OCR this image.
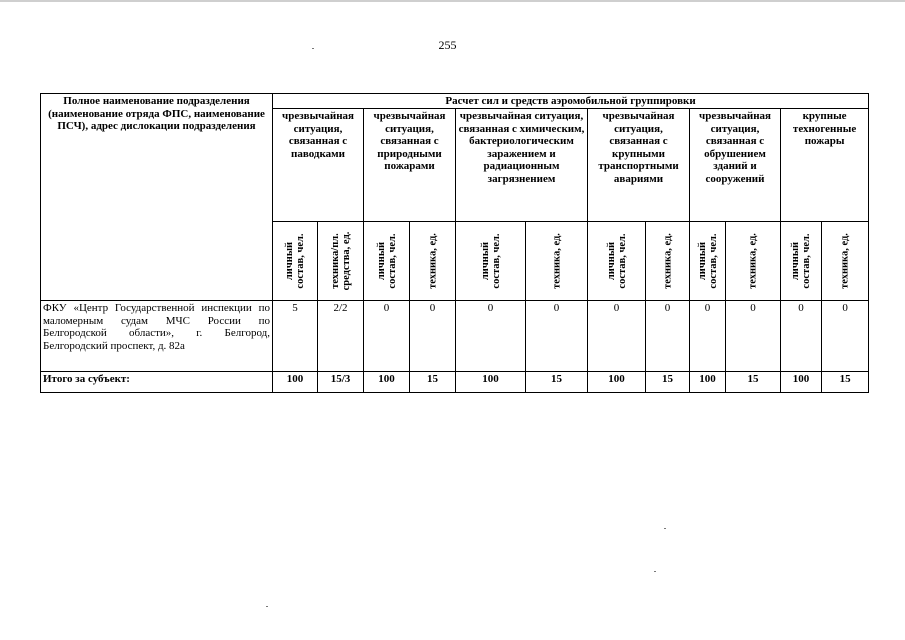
255
Полное наименование подразделения (наименование отряда ФПС, наименование ПСЧ), адрес дислокации подразделения	Расчет сил и средств аэромобильной группировки											
	чрезвычайная ситуация, связанная с паводками		чрезвычайная ситуация, связанная с природными пожарами		чрезвычайная ситуация, связанная с химическим, бактериологическим заражением и радиационным загрязнением		чрезвычайная ситуация, связанная с крупными транспортными авариями		чрезвычайная ситуация, связанная с обрушением зданий и сооружений		крупные техногенные пожары	

	личный состав, чел.	техника/пл. средства, ед.	личный состав, чел.	техника, ед.	личный состав, чел.	техника, ед.	личный состав, чел.	техника, ед.	личный состав, чел.	техника, ед.	личный состав, чел.	техника, ед.

ФКУ «Центр Государственной инспекции по маломерным судам МЧС России по Белгородской области», г. Белгород, Белгородский проспект, д. 82а	5	2/2	0	0	0	0	0	0	0	0	0	0
Итого за субъект:	100	15/3	100	15	100	15	100	15	100	15	100	15
